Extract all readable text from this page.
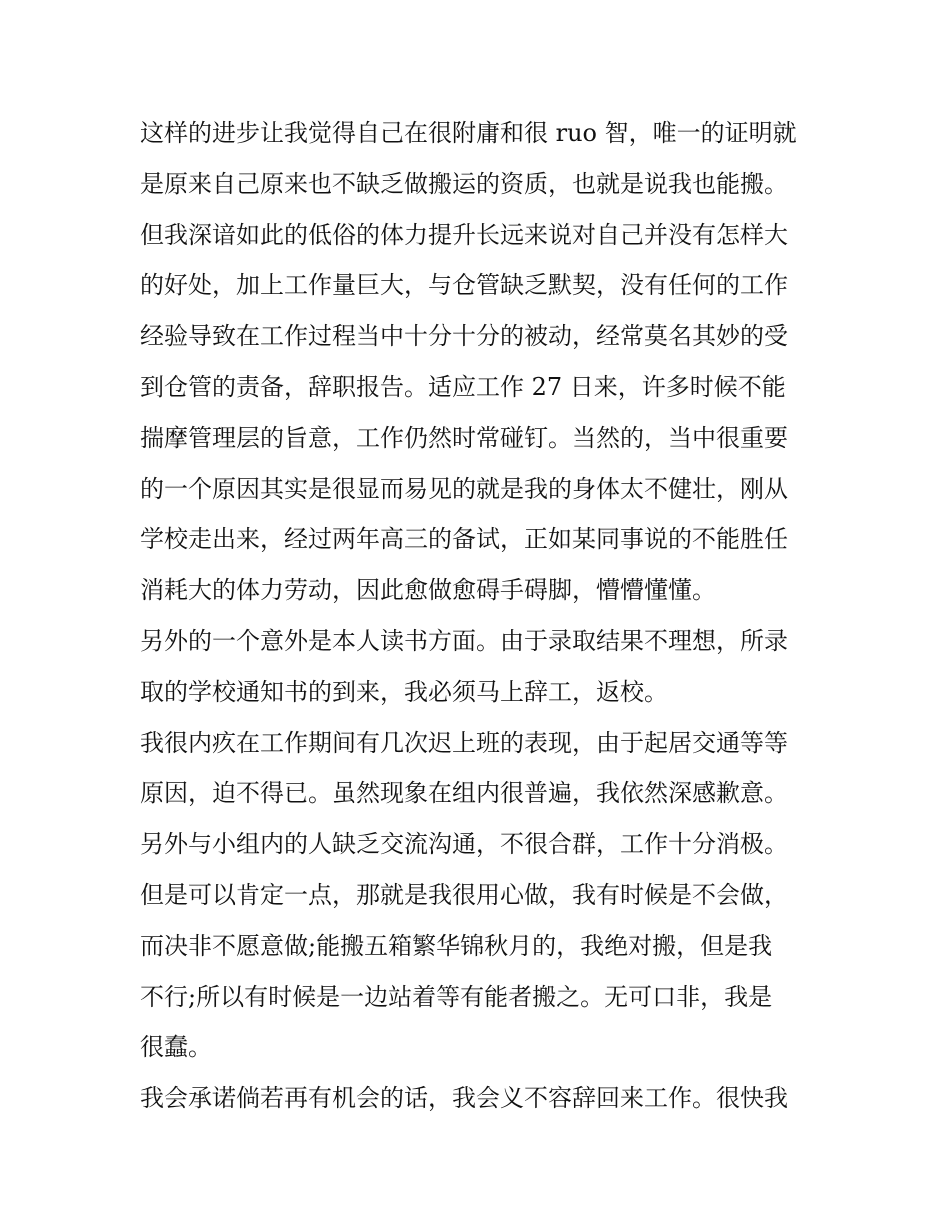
这样的进步让我觉得自己在很附庸和很 ruo 智，唯一的证明就
是原来自己原来也不缺乏做搬运的资质，也就是说我也能搬。
但我深谙如此的低俗的体力提升长远来说对自己并没有怎样大
的好处，加上工作量巨大，与仓管缺乏默契，没有任何的工作
经验导致在工作过程当中十分十分的被动，经常莫名其妙的受
到仓管的责备，辞职报告。适应工作 27 日来，许多时候不能
揣摩管理层的旨意，工作仍然时常碰钉。当然的，当中很重要
的一个原因其实是很显而易见的就是我的身体太不健壮，刚从
学校走出来，经过两年高三的备试，正如某同事说的不能胜任
消耗大的体力劳动，因此愈做愈碍手碍脚，懵懵懂懂。
另外的一个意外是本人读书方面。由于录取结果不理想，所录
取的学校通知书的到来，我必须马上辞工，返校。
我很内疚在工作期间有几次迟上班的表现，由于起居交通等等
原因，迫不得已。虽然现象在组内很普遍，我依然深感歉意。
另外与小组内的人缺乏交流沟通，不很合群，工作十分消极。
但是可以肯定一点，那就是我很用心做，我有时候是不会做，
而决非不愿意做;能搬五箱繁华锦秋月的，我绝对搬，但是我
不行;所以有时候是一边站着等有能者搬之。无可口非，我是
很蠢。
我会承诺倘若再有机会的话，我会义不容辞回来工作。很快我
